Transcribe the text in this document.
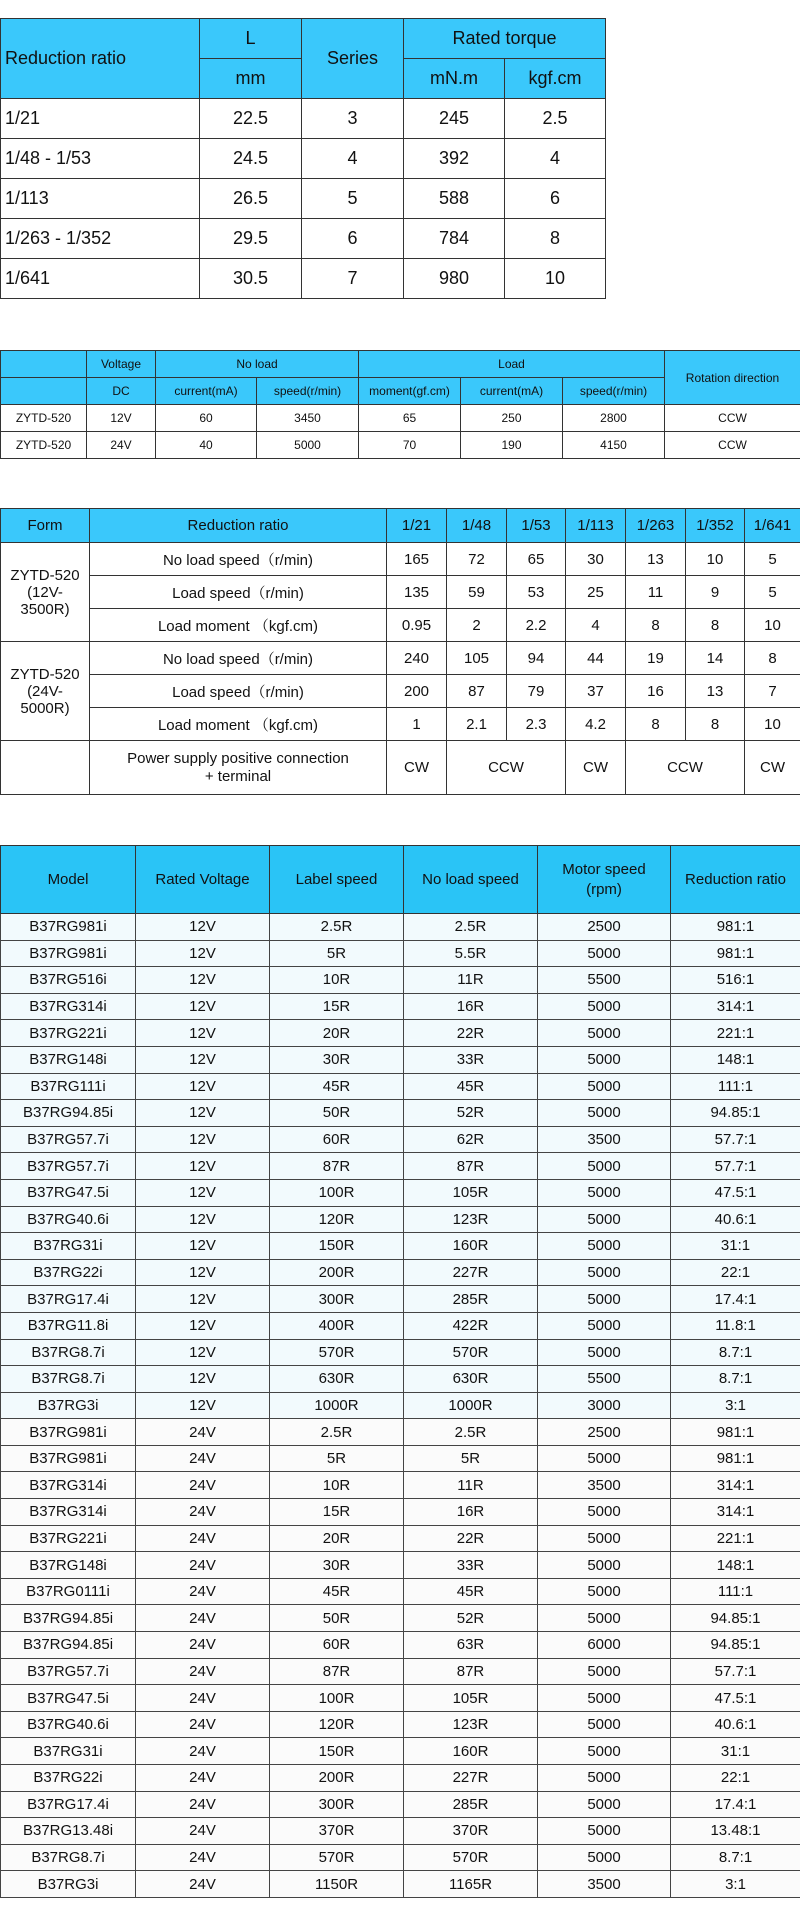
Reduction ratio	L	Series	Rated torque	
	mm		mN.m	kgf.cm
1/21	22.5	3	245	2.5
1/48 - 1/53	24.5	4	392	4
1/113	26.5	5	588	6
1/263 - 1/352	29.5	6	784	8
1/641	30.5	7	980	10
	Voltage	No load		Load			Rotation direction
	DC	current(mA)	speed(r/min)	moment(gf.cm)	current(mA)	speed(r/min)	
ZYTD-520	12V	60	3450	65	250	2800	CCW
ZYTD-520	24V	40	5000	70	190	4150	CCW
Form	Reduction ratio	1/21	1/48	1/53	1/113	1/263	1/352	1/641
ZYTD-520
(12V-
3500R)	No load speed（r/min)	165	72	65	30	13	10	5
	Load speed（r/min)	135	59	53	25	11	9	5
	Load moment （kgf.cm)	0.95	2	2.2	4	8	8	10
ZYTD-520
(24V-
5000R)	No load speed（r/min)	240	105	94	44	19	14	8
	Load speed（r/min)	200	87	79	37	16	13	7
	Load moment （kgf.cm)	1	2.1	2.3	4.2	8	8	10
	Power supply positive connection
+ terminal	CW	CCW		CW	CCW		CW
Model	Rated Voltage	Label speed	No load speed	Motor speed
(rpm)	Reduction ratio
B37RG981i	12V	2.5R	2.5R	2500	981:1
B37RG981i	12V	5R	5.5R	5000	981:1
B37RG516i	12V	10R	11R	5500	516:1
B37RG314i	12V	15R	16R	5000	314:1
B37RG221i	12V	20R	22R	5000	221:1
B37RG148i	12V	30R	33R	5000	148:1
B37RG111i	12V	45R	45R	5000	111:1
B37RG94.85i	12V	50R	52R	5000	94.85:1
B37RG57.7i	12V	60R	62R	3500	57.7:1
B37RG57.7i	12V	87R	87R	5000	57.7:1
B37RG47.5i	12V	100R	105R	5000	47.5:1
B37RG40.6i	12V	120R	123R	5000	40.6:1
B37RG31i	12V	150R	160R	5000	31:1
B37RG22i	12V	200R	227R	5000	22:1
B37RG17.4i	12V	300R	285R	5000	17.4:1
B37RG11.8i	12V	400R	422R	5000	11.8:1
B37RG8.7i	12V	570R	570R	5000	8.7:1
B37RG8.7i	12V	630R	630R	5500	8.7:1
B37RG3i	12V	1000R	1000R	3000	3:1
B37RG981i	24V	2.5R	2.5R	2500	981:1
B37RG981i	24V	5R	5R	5000	981:1
B37RG314i	24V	10R	11R	3500	314:1
B37RG314i	24V	15R	16R	5000	314:1
B37RG221i	24V	20R	22R	5000	221:1
B37RG148i	24V	30R	33R	5000	148:1
B37RG0111i	24V	45R	45R	5000	111:1
B37RG94.85i	24V	50R	52R	5000	94.85:1
B37RG94.85i	24V	60R	63R	6000	94.85:1
B37RG57.7i	24V	87R	87R	5000	57.7:1
B37RG47.5i	24V	100R	105R	5000	47.5:1
B37RG40.6i	24V	120R	123R	5000	40.6:1
B37RG31i	24V	150R	160R	5000	31:1
B37RG22i	24V	200R	227R	5000	22:1
B37RG17.4i	24V	300R	285R	5000	17.4:1
B37RG13.48i	24V	370R	370R	5000	13.48:1
B37RG8.7i	24V	570R	570R	5000	8.7:1
B37RG3i	24V	1150R	1165R	3500	3:1
